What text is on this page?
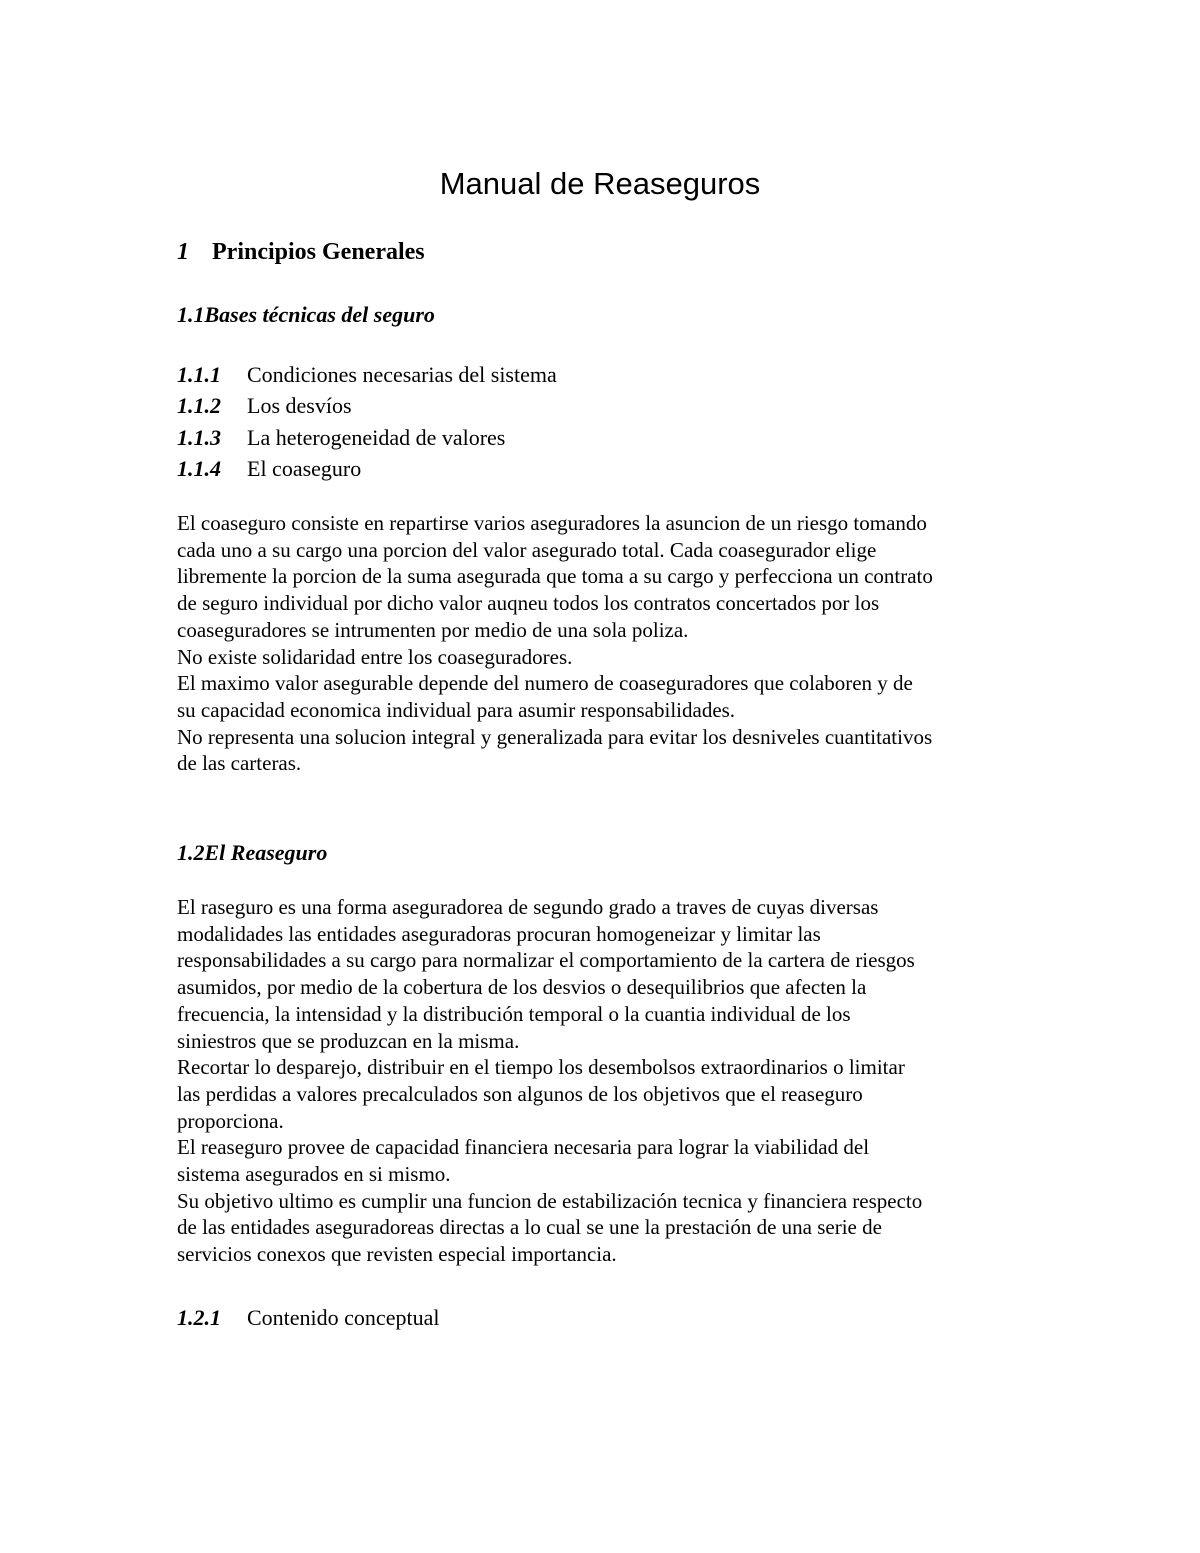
Manual de Reaseguros
1 Principios Generales
1.1Bases técnicas del seguro
1.1.1 Condiciones necesarias del sistema
1.1.2 Los desvíos
1.1.3 La heterogeneidad de valores
1.1.4 El coaseguro
El coaseguro consiste en repartirse varios aseguradores la asuncion de un riesgo tomando
cada uno a su cargo una porcion del valor asegurado total. Cada coasegurador elige
libremente la porcion de la suma asegurada que toma a su cargo y perfecciona un contrato
de seguro individual por dicho valor auqneu todos los contratos concertados por los
coaseguradores se intrumenten por medio de una sola poliza.
No existe solidaridad entre los coaseguradores.
El maximo valor asegurable depende del numero de coaseguradores que colaboren y de
su capacidad economica individual para asumir responsabilidades.
No representa una solucion integral y generalizada para evitar los desniveles cuantitativos
de las carteras.
1.2El Reaseguro
El raseguro es una forma aseguradorea de segundo grado a traves de cuyas diversas
modalidades las entidades aseguradoras procuran homogeneizar y limitar las
responsabilidades a su cargo para normalizar el comportamiento de la cartera de riesgos
asumidos, por medio de la cobertura de los desvios o desequilibrios que afecten la
frecuencia, la intensidad y la distribución temporal o la cuantia individual de los
siniestros que se produzcan en la misma.
Recortar lo desparejo, distribuir en el tiempo los desembolsos extraordinarios o limitar
las perdidas a valores precalculados son algunos de los objetivos que el reaseguro
proporciona.
El reaseguro provee de capacidad financiera necesaria para lograr la viabilidad del
sistema asegurados en si mismo.
Su objetivo ultimo es cumplir una funcion de estabilización tecnica y financiera respecto
de las entidades aseguradoreas directas a lo cual se une la prestación de una serie de
servicios conexos que revisten especial importancia.
1.2.1 Contenido conceptual
